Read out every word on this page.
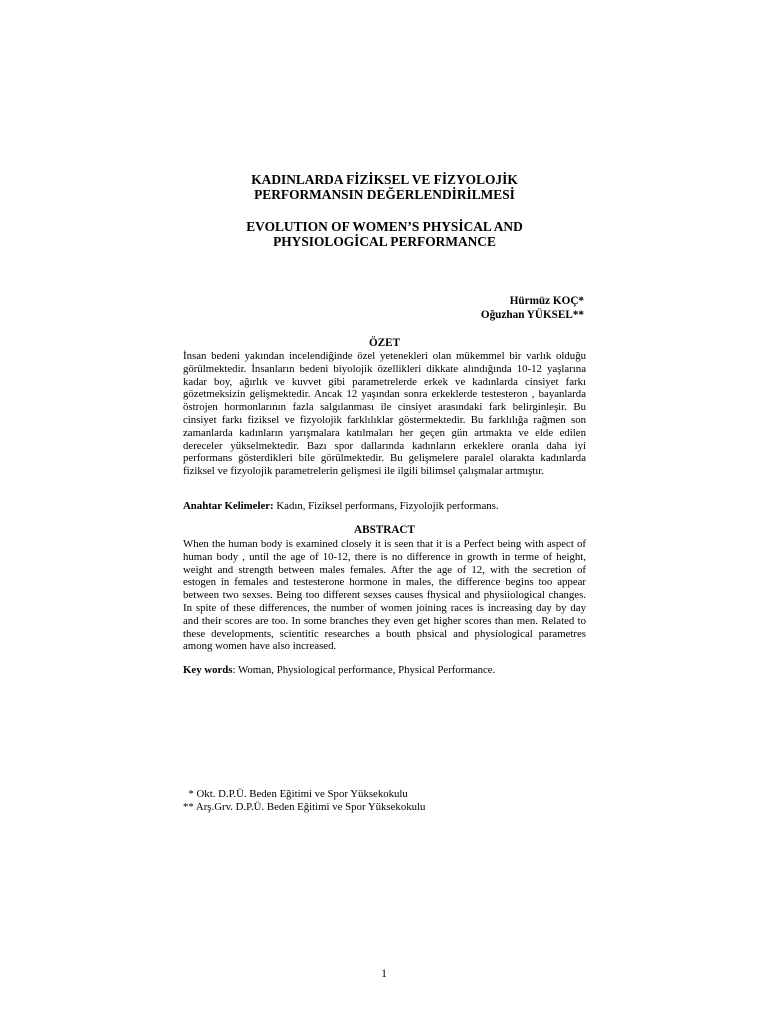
KADINLARDA FİZİKSEL VE FİZYOLOJİK
PERFORMANSIN DEĞERLENDİRİLMESİ
EVOLUTION OF WOMEN’S PHYSİCAL AND
PHYSIOLOGİCAL PERFORMANCE
Hürmüz KOÇ*
Oğuzhan YÜKSEL**
ÖZET
İnsan bedeni yakından incelendiğinde özel yetenekleri olan mükemmel bir varlık olduğu görülmektedir. İnsanların bedeni biyolojik özellikleri dikkate alındığında 10-12 yaşlarına kadar boy, ağırlık ve kuvvet gibi parametrelerde erkek ve kadınlarda cinsiyet farkı gözetmeksizin gelişmektedir. Ancak 12 yaşından sonra erkeklerde testesteron , bayanlarda östrojen hormonlarının fazla salgılanması ile cinsiyet arasındaki fark belirginleşir. Bu cinsiyet farkı fiziksel ve fizyolojik farklılıklar göstermektedir. Bu farklılığa rağmen son zamanlarda kadınların yarışmalara katılmaları her geçen gün artmakta ve elde edilen dereceler yükselmektedir. Bazı spor dallarında kadınların erkeklere oranla daha iyi performans gösterdikleri bile görülmektedir. Bu gelişmelere paralel olarakta kadınlarda fiziksel ve fizyolojik parametrelerin gelişmesi ile ilgili bilimsel çalışmalar artmıştır.
Anahtar Kelimeler: Kadın, Fiziksel performans, Fizyolojik performans.
ABSTRACT
When the human body is examined closely it is seen that it is a Perfect being with aspect of human body , until the age of 10-12, there is no difference in growth in terme of height, weight and strength between males females. After the age of 12, with the secretion of estogen in females and testesterone hormone in males, the difference begins too appear between two sexses. Being too different sexses causes fhysical and physiiological changes. In spite of these differences, the number of women joining races is increasing day by day and their scores are too. In some branches they even get higher scores than men. Related to these developments, scientitic researches a bouth phsical and physiological parametres among women have also increased.
Key words: Woman, Physiological performance, Physical Performance.
* Okt. D.P.Ü. Beden Eğitimi ve Spor Yüksekokulu
** Arş.Grv. D.P.Ü. Beden Eğitimi ve Spor Yüksekokulu
1
